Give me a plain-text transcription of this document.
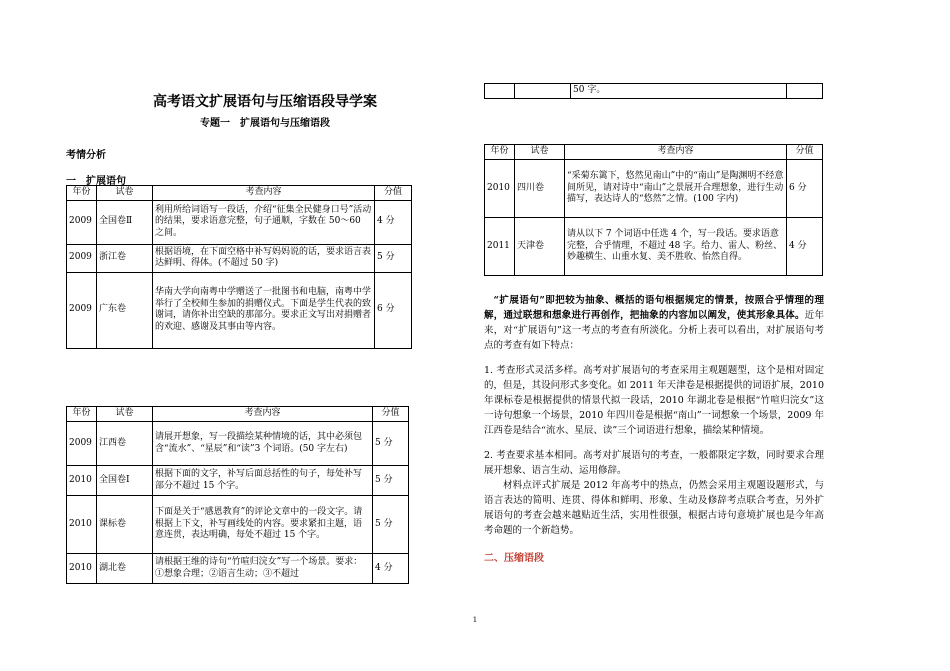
高考语文扩展语句与压缩语段导学案
专题一　扩展语句与压缩语段
考情分析
一　扩展语句
年份	试卷	考查内容	分值
2009	全国卷Ⅱ	利用所给词语写一段话，介绍“征集全民健身口号”活动的结果，要求语意完整，句子通顺，字数在 50～60 之间。	4 分
2009	浙江卷	根据语境，在下面空格中补写妈妈说的话，要求语言表达鲜明、得体。(不超过 50 字)	5 分
2009	广东卷	华南大学向南粤中学赠送了一批图书和电脑，南粤中学举行了全校师生参加的捐赠仪式。下面是学生代表的致谢词，请你补出空缺的那部分。要求正文写出对捐赠者的欢迎、感谢及其事由等内容。	6 分
年份	试卷	考查内容	分值
2009	江西卷	请展开想象，写一段描绘某种情境的话，其中必须包含“流水”、“星辰”和“读”3 个词语。(50 字左右)	5 分
2010	全国卷Ⅰ	根据下面的文字，补写后面总括性的句子，每处补写部分不超过 15 个字。	5 分
2010	课标卷	下面是关于“感恩教育”的评论文章中的一段文字。请根据上下文，补写画线处的内容。要求紧扣主题，语意连贯，表达明确，每处不超过 15 个字。	5 分
2010	湖北卷	请根据王维的诗句“竹喧归浣女”写一个场景。要求：①想象合理；②语言生动；③不超过	4 分
		50 字。	
年份	试卷	考查内容	分值
2010	四川卷	“采菊东篱下，悠然见南山”中的“南山”是陶渊明不经意间所见，请对诗中“南山”之景展开合理想象，进行生动描写，表达诗人的“悠然”之情。(100 字内)	6 分
2011	天津卷	请从以下 7 个词语中任选 4 个，写一段话。要求语意完整，合乎情理，不超过 48 字。给力、雷人、粉丝、妙趣横生、山重水复、美不胜收、怡然自得。	4 分
“扩展语句”即把较为抽象、概括的语句根据规定的情景，按照合乎情理的理解，通过联想和想象进行再创作，把抽象的内容加以阐发，使其形象具体。近年来，对“扩展语句”这一考点的考查有所淡化。分析上表可以看出，对扩展语句考点的考查有如下特点：
1. 考查形式灵活多样。高考对扩展语句的考查采用主观题题型，这个是相对固定的，但是，其设问形式多变化。如 2011 年天津卷是根据提供的词语扩展，2010 年课标卷是根据提供的情景代拟一段话，2010 年湖北卷是根据“竹喧归浣女”这一诗句想象一个场景，2010 年四川卷是根据“南山”一词想象一个场景，2009 年江西卷是结合“流水、星辰、读”三个词语进行想象，描绘某种情境。
2. 考查要求基本相同。高考对扩展语句的考查，一般都限定字数，同时要求合理展开想象、语言生动、运用修辞。
材料点评式扩展是 2012 年高考中的热点，仍然会采用主观题设题形式，与语言表达的简明、连贯、得体和鲜明、形象、生动及修辞考点联合考查，另外扩展语句的考查会越来越贴近生活，实用性很强，根据古诗句意境扩展也是今年高考命题的一个新趋势。
二、压缩语段
1
